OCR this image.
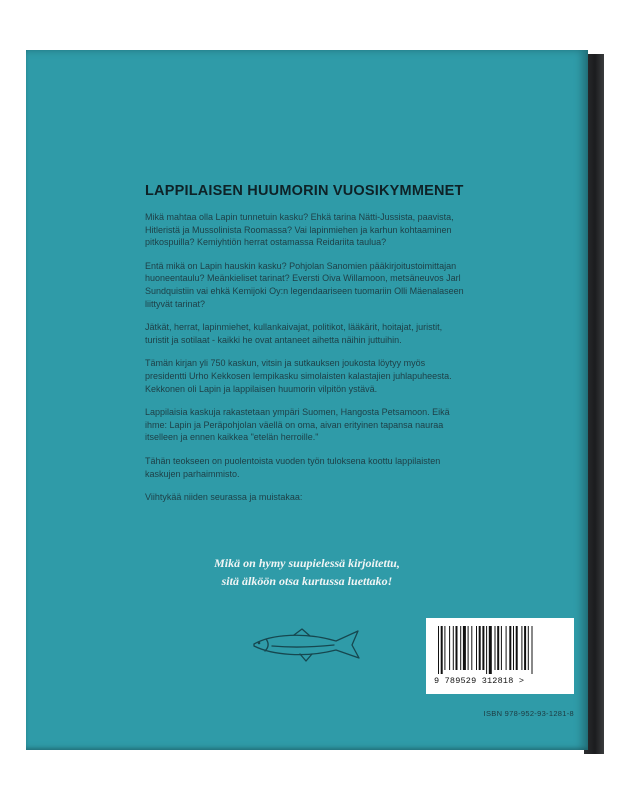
LAPPILAISEN HUUMORIN VUOSIKYMMENET

Mikä mahtaa olla Lapin tunnetuin kasku? Ehkä tarina Nätti-Jussista, paavista, Hitleristä ja Mussolinista Roomassa? Vai lapinmiehen ja karhun kohtaaminen pitkospuilla? Kemiyhtiön herrat ostamassa Reidariita taulua?

Entä mikä on Lapin hauskin kasku? Pohjolan Sanomien pääkirjoitustoimittajan huoneentaulu? Meänkieliset tarinat? Eversti Oiva Willamoon, metsäneuvos Jarl Sundquistiin vai ehkä Kemijoki Oy:n legendaariseen tuomariin Olli Mäenalaseen liittyvät tarinat?

Jätkät, herrat, lapinmiehet, kullankaivajat, politikot, lääkärit, hoitajat, juristit, turistit ja sotilaat - kaikki he ovat antaneet aihetta näihin juttuihin.

Tämän kirjan yli 750 kaskun, vitsin ja sutkauksen joukosta löytyy myös presidentti Urho Kekkosen lempikasku simolaisten kalastajien juhlapuheesta. Kekkonen oli Lapin ja lappilaisen huumorin vilpitön ystävä.

Lappilaisia kaskuja rakastetaan ympäri Suomen, Hangosta Petsamoon. Eikä ihme: Lapin ja Peräpohjolan väellä on oma, aivan erityinen tapansa nauraa itselleen ja ennen kaikkea "etelän herroille."

Tähän teokseen on puolentoista vuoden työn tuloksena koottu lappilaisten kaskujen parhaimmisto.

Viihtykää niiden seurassa ja muistakaa:

Mikä on hymy suupielessä kirjoitettu,
sitä älköön otsa kurtussa luettako!
9 789529 312818 >
ISBN 978-952-93-1281-8
